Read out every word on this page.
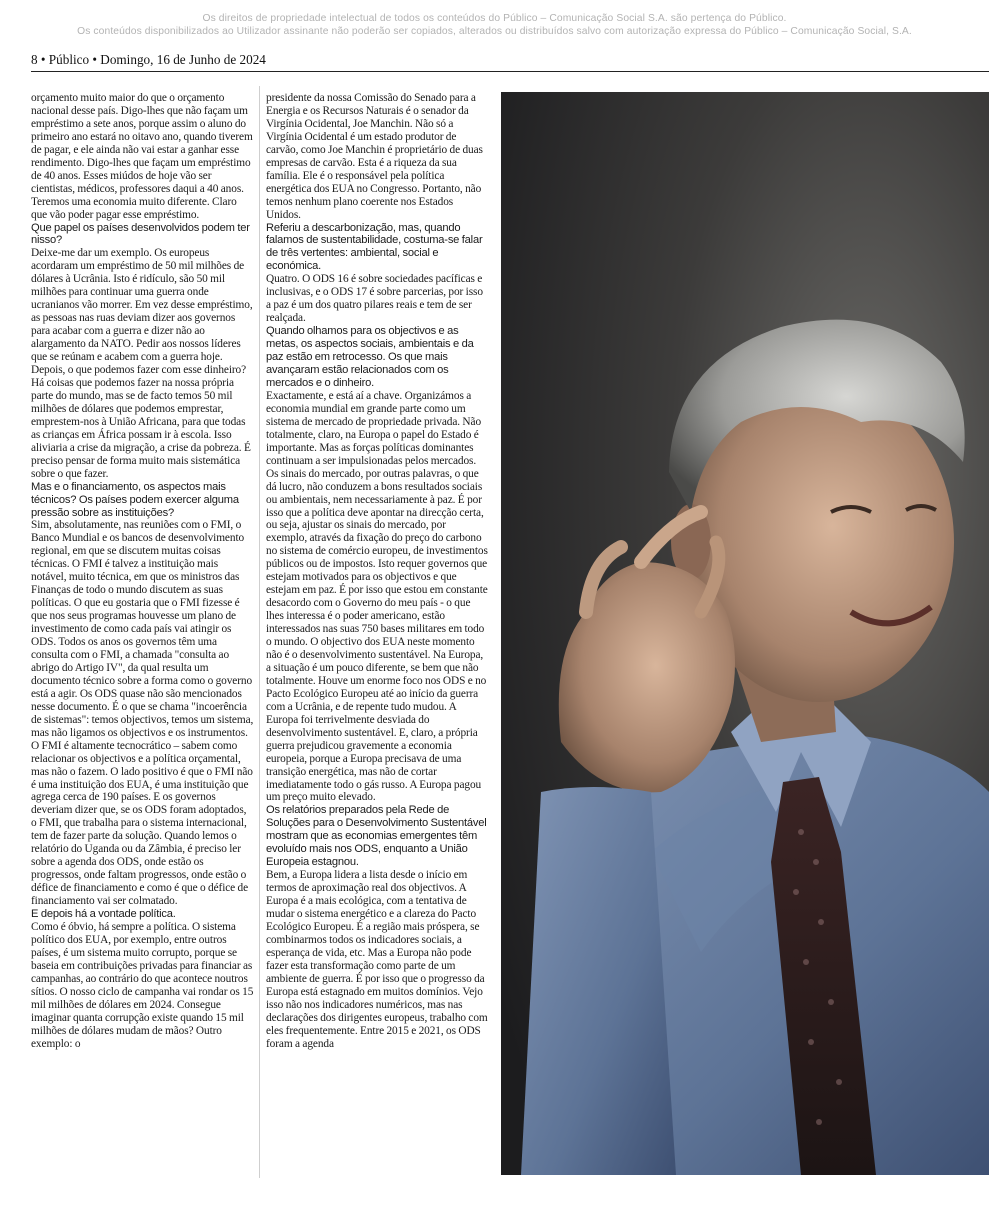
Os direitos de propriedade intelectual de todos os conteúdos do Público – Comunicação Social S.A. são pertença do Público.
Os conteúdos disponibilizados ao Utilizador assinante não poderão ser copiados, alterados ou distribuídos salvo com autorização expressa do Público – Comunicação Social, S.A.
8 • Público • Domingo, 16 de Junho de 2024

orçamento muito maior do que o orçamento nacional desse país. Digo-lhes que não façam um empréstimo a sete anos, porque assim o aluno do primeiro ano estará no oitavo ano, quando tiverem de pagar, e ele ainda não vai estar a ganhar esse rendimento. Digo-lhes que façam um empréstimo de 40 anos. Esses miúdos de hoje vão ser cientistas, médicos, professores daqui a 40 anos. Teremos uma economia muito diferente. Claro que vão poder pagar esse empréstimo.

Que papel os países desenvolvidos podem ter nisso?

Deixe-me dar um exemplo. Os europeus acordaram um empréstimo de 50 mil milhões de dólares à Ucrânia. Isto é ridículo, são 50 mil milhões para continuar uma guerra onde ucranianos vão morrer. Em vez desse empréstimo, as pessoas nas ruas deviam dizer aos governos para acabar com a guerra e dizer não ao alargamento da NATO. Pedir aos nossos líderes que se reúnam e acabem com a guerra hoje. Depois, o que podemos fazer com esse dinheiro? Há coisas que podemos fazer na nossa própria parte do mundo, mas se de facto temos 50 mil milhões de dólares que podemos emprestar, emprestem-nos à União Africana, para que todas as crianças em África possam ir à escola. Isso aliviaria a crise da migração, a crise da pobreza. É preciso pensar de forma muito mais sistemática sobre o que fazer.

Mas e o financiamento, os aspectos mais técnicos? Os países podem exercer alguma pressão sobre as instituições?

Sim, absolutamente, nas reuniões com o FMI, o Banco Mundial e os bancos de desenvolvimento regional, em que se discutem muitas coisas técnicas. O FMI é talvez a instituição mais notável, muito técnica, em que os ministros das Finanças de todo o mundo discutem as suas políticas. O que eu gostaria que o FMI fizesse é que nos seus programas houvesse um plano de investimento de como cada país vai atingir os ODS. Todos os anos os governos têm uma consulta com o FMI, a chamada "consulta ao abrigo do Artigo IV", da qual resulta um documento técnico sobre a forma como o governo está a agir. Os ODS quase não são mencionados nesse documento. É o que se chama "incoerência de sistemas": temos objectivos, temos um sistema, mas não ligamos os objectivos e os instrumentos. O FMI é altamente tecnocrático – sabem como relacionar os objectivos e a política orçamental, mas não o fazem. O lado positivo é que o FMI não é uma instituição dos EUA, é uma instituição que agrega cerca de 190 países. E os governos deveriam dizer que, se os ODS foram adoptados, o FMI, que trabalha para o sistema internacional, tem de fazer parte da solução. Quando lemos o relatório do Uganda ou da Zâmbia, é preciso ler sobre a agenda dos ODS, onde estão os progressos, onde faltam progressos, onde estão o défice de financiamento e como é que o défice de financiamento vai ser colmatado.

E depois há a vontade política.

Como é óbvio, há sempre a política. O sistema político dos EUA, por exemplo, entre outros países, é um sistema muito corrupto, porque se baseia em contribuições privadas para financiar as campanhas, ao contrário do que acontece noutros sítios. O nosso ciclo de campanha vai rondar os 15 mil milhões de dólares em 2024. Consegue imaginar quanta corrupção existe quando 15 mil milhões de dólares mudam de mãos? Outro exemplo: o

presidente da nossa Comissão do Senado para a Energia e os Recursos Naturais é o senador da Virgínia Ocidental, Joe Manchin. Não só a Virgínia Ocidental é um estado produtor de carvão, como Joe Manchin é proprietário de duas empresas de carvão. Esta é a riqueza da sua família. Ele é o responsável pela política energética dos EUA no Congresso. Portanto, não temos nenhum plano coerente nos Estados Unidos.

Referiu a descarbonização, mas, quando falamos de sustentabilidade, costuma-se falar de três vertentes: ambiental, social e económica.

Quatro. O ODS 16 é sobre sociedades pacíficas e inclusivas, e o ODS 17 é sobre parcerias, por isso a paz é um dos quatro pilares reais e tem de ser realçada.

Quando olhamos para os objectivos e as metas, os aspectos sociais, ambientais e da paz estão em retrocesso. Os que mais avançaram estão relacionados com os mercados e o dinheiro.

Exactamente, e está aí a chave. Organizámos a economia mundial em grande parte como um sistema de mercado de propriedade privada. Não totalmente, claro, na Europa o papel do Estado é importante. Mas as forças políticas dominantes continuam a ser impulsionadas pelos mercados. Os sinais do mercado, por outras palavras, o que dá lucro, não conduzem a bons resultados sociais ou ambientais, nem necessariamente à paz. É por isso que a política deve apontar na direcção certa, ou seja, ajustar os sinais do mercado, por exemplo, através da fixação do preço do carbono no sistema de comércio europeu, de investimentos públicos ou de impostos. Isto requer governos que estejam motivados para os objectivos e que estejam em paz. É por isso que estou em constante desacordo com o Governo do meu país - o que lhes interessa é o poder americano, estão interessados nas suas 750 bases militares em todo o mundo. O objectivo dos EUA neste momento não é o desenvolvimento sustentável. Na Europa, a situação é um pouco diferente, se bem que não totalmente. Houve um enorme foco nos ODS e no Pacto Ecológico Europeu até ao início da guerra com a Ucrânia, e de repente tudo mudou. A Europa foi terrivelmente desviada do desenvolvimento sustentável. E, claro, a própria guerra prejudicou gravemente a economia europeia, porque a Europa precisava de uma transição energética, mas não de cortar imediatamente todo o gás russo. A Europa pagou um preço muito elevado.

Os relatórios preparados pela Rede de Soluções para o Desenvolvimento Sustentável mostram que as economias emergentes têm evoluído mais nos ODS, enquanto a União Europeia estagnou.

Bem, a Europa lidera a lista desde o início em termos de aproximação real dos objectivos. A Europa é a mais ecológica, com a tentativa de mudar o sistema energético e a clareza do Pacto Ecológico Europeu. É a região mais próspera, se combinarmos todos os indicadores sociais, a esperança de vida, etc. Mas a Europa não pode fazer esta transformação como parte de um ambiente de guerra. É por isso que o progresso da Europa está estagnado em muitos domínios. Vejo isso não nos indicadores numéricos, mas nas declarações dos dirigentes europeus, trabalho com eles frequentemente. Entre 2015 e 2021, os ODS foram a agenda
